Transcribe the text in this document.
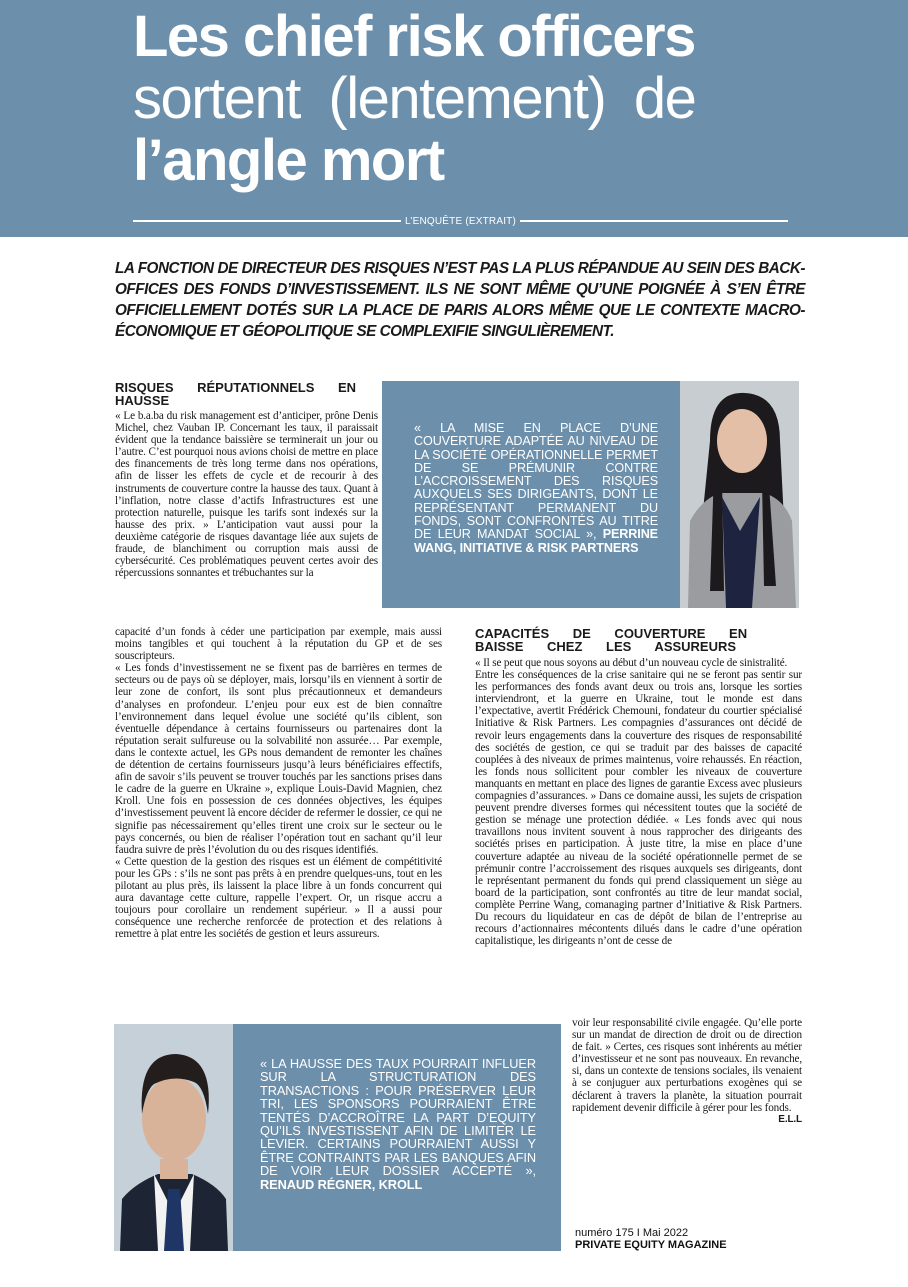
Les chief risk officers
sortent (lentement) de
l’angle mort
L’ENQUÊTE (EXTRAIT)
LA FONCTION DE DIRECTEUR DES RISQUES N’EST PAS LA PLUS RÉPANDUE AU SEIN DES BACK-OFFICES DES FONDS D’INVESTISSEMENT. ILS NE SONT MÊME QU’UNE POIGNÉE À S’EN ÊTRE OFFICIELLEMENT DOTÉS SUR LA PLACE DE PARIS ALORS MÊME QUE LE CONTEXTE MACRO-ÉCONOMIQUE ET GÉOPOLITIQUE SE COMPLEXIFIE SINGULIÈREMENT.
RISQUES RÉPUTATIONNELS EN HAUSSE
« Le b.a.ba du risk management est d’anticiper, prône Denis Michel, chez Vauban IP. Concernant les taux, il paraissait évident que la tendance baissière se terminerait un jour ou l’autre. C’est pourquoi nous avions choisi de mettre en place des financements de très long terme dans nos opérations, afin de lisser les effets de cycle et de recourir à des instruments de couverture contre la hausse des taux. Quant à l’inflation, notre classe d’actifs Infrastructures est une protection naturelle, puisque les tarifs sont indexés sur la hausse des prix. » L’anticipation vaut aussi pour la deuxième catégorie de risques davantage liée aux sujets de fraude, de blanchiment ou corruption mais aussi de cybersécurité. Ces problématiques peuvent certes avoir des répercussions sonnantes et trébuchantes sur la
capacité d’un fonds à céder une participation par exemple, mais aussi moins tangibles et qui touchent à la réputation du GP et de ses souscripteurs.
« Les fonds d’investissement ne se fixent pas de barrières en termes de secteurs ou de pays où se déployer, mais, lorsqu’ils en viennent à sortir de leur zone de confort, ils sont plus précautionneux et demandeurs d’analyses en profondeur. L’enjeu pour eux est de bien connaître l’environnement dans lequel évolue une société qu’ils ciblent, son éventuelle dépendance à certains fournisseurs ou partenaires dont la réputation serait sulfureuse ou la solvabilité non assurée… Par exemple, dans le contexte actuel, les GPs nous demandent de remonter les chaînes de détention de certains fournisseurs jusqu’à leurs bénéficiaires effectifs, afin de savoir s’ils peuvent se trouver touchés par les sanctions prises dans le cadre de la guerre en Ukraine », explique Louis-David Magnien, chez Kroll. Une fois en possession de ces données objectives, les équipes d’investissement peuvent là encore décider de refermer le dossier, ce qui ne signifie pas nécessairement qu’elles tirent une croix sur le secteur ou le pays concernés, ou bien de réaliser l’opération tout en sachant qu’il leur faudra suivre de près l’évolution du ou des risques identifiés.
« Cette question de la gestion des risques est un élément de compétitivité pour les GPs : s’ils ne sont pas prêts à en prendre quelques-uns, tout en les pilotant au plus près, ils laissent la place libre à un fonds concurrent qui aura davantage cette culture, rappelle l’expert. Or, un risque accru a toujours pour corollaire un rendement supérieur. » Il a aussi pour conséquence une recherche renforcée de protection et des relations à remettre à plat entre les sociétés de gestion et leurs assureurs.
« LA MISE EN PLACE D’UNE COUVERTURE ADAPTÉE AU NIVEAU DE LA SOCIÉTÉ OPÉRATIONNELLE PERMET DE SE PRÉMUNIR CONTRE L’ACCROISSEMENT DES RISQUES AUXQUELS SES DIRIGEANTS, DONT LE REPRÉSENTANT PERMANENT DU FONDS, SONT CONFRONTÉS AU TITRE DE LEUR MANDAT SOCIAL », PERRINE WANG, INITIATIVE & RISK PARTNERS
CAPACITÉS DE COUVERTURE EN BAISSE CHEZ LES ASSUREURS
« Il se peut que nous soyons au début d’un nouveau cycle de sinistralité.
Entre les conséquences de la crise sanitaire qui ne se feront pas sentir sur les performances des fonds avant deux ou trois ans, lorsque les sorties interviendront, et la guerre en Ukraine, tout le monde est dans l’expectative, avertit Frédérick Chemouni, fondateur du courtier spécialisé Initiative & Risk Partners. Les compagnies d’assurances ont décidé de revoir leurs engagements dans la couverture des risques de responsabilité des sociétés de gestion, ce qui se traduit par des baisses de capacité couplées à des niveaux de primes maintenus, voire rehaussés. En réaction, les fonds nous sollicitent pour combler les niveaux de couverture manquants en mettant en place des lignes de garantie Excess avec plusieurs compagnies d’assurances. » Dans ce domaine aussi, les sujets de crispation peuvent prendre diverses formes qui nécessitent toutes que la société de gestion se ménage une protection dédiée. « Les fonds avec qui nous travaillons nous invitent souvent à nous rapprocher des dirigeants des sociétés prises en participation. À juste titre, la mise en place d’une couverture adaptée au niveau de la société opérationnelle permet de se prémunir contre l’accroissement des risques auxquels ses dirigeants, dont le représentant permanent du fonds qui prend classiquement un siège au board de la participation, sont confrontés au titre de leur mandat social, complète Perrine Wang, comanaging partner d’Initiative & Risk Partners. Du recours du liquidateur en cas de dépôt de bilan de l’entreprise au recours d’actionnaires mécontents dilués dans le cadre d’une opération capitalistique, les dirigeants n’ont de cesse de
voir leur responsabilité civile engagée. Qu’elle porte sur un mandat de direction de droit ou de direction de fait. » Certes, ces risques sont inhérents au métier d’investisseur et ne sont pas nouveaux. En revanche, si, dans un contexte de tensions sociales, ils venaient à se conjuguer aux perturbations exogènes qui se déclarent à travers la planète, la situation pourrait rapidement devenir difficile à gérer pour les fonds.
E.L.L
« LA HAUSSE DES TAUX POURRAIT INFLUER SUR LA STRUCTURATION DES TRANSACTIONS : POUR PRÉSERVER LEUR TRI, LES SPONSORS POURRAIENT ÊTRE TENTÉS D’ACCROÎTRE LA PART D’EQUITY QU’ILS INVESTISSENT AFIN DE LIMITER LE LEVIER. CERTAINS POURRAIENT AUSSI Y ÊTRE CONTRAINTS PAR LES BANQUES AFIN DE VOIR LEUR DOSSIER ACCEPTÉ », RENAUD RÉGNER, KROLL
numéro 175 I Mai 2022
PRIVATE EQUITY MAGAZINE
